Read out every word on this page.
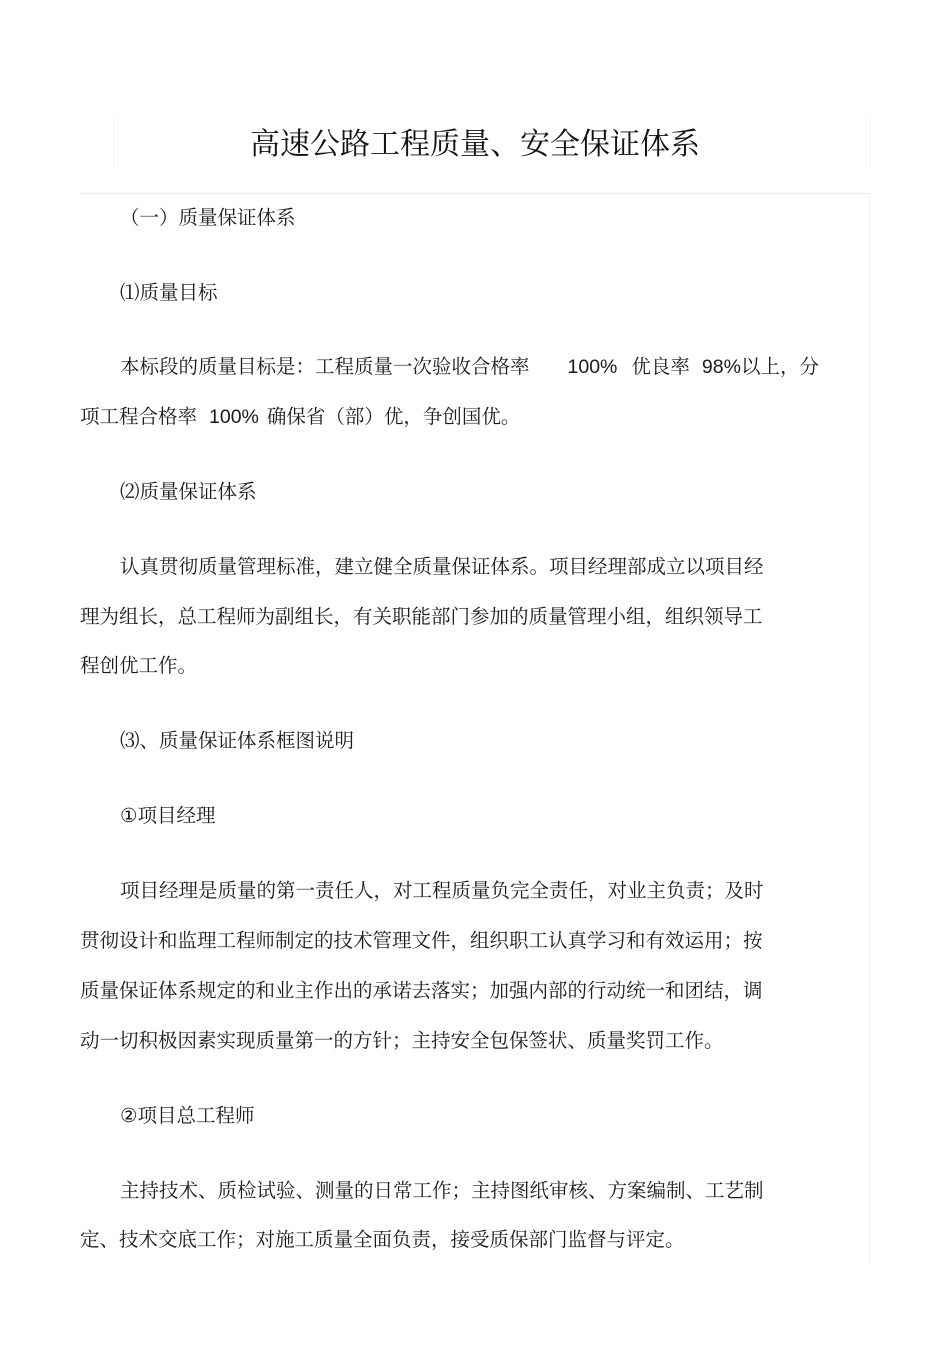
高速公路工程质量、安全保证体系
（一）质量保证体系
⑴质量目标
本标段的质量目标是：工程质量一次验收合格率 100% 优良率 98%以上，分
项工程合格率 100% 确保省（部）优，争创国优。
⑵质量保证体系
认真贯彻质量管理标准，建立健全质量保证体系。项目经理部成立以项目经
理为组长，总工程师为副组长，有关职能部门参加的质量管理小组，组织领导工
程创优工作。
⑶、质量保证体系框图说明
①项目经理
项目经理是质量的第一责任人，对工程质量负完全责任，对业主负责；及时
贯彻设计和监理工程师制定的技术管理文件，组织职工认真学习和有效运用；按
质量保证体系规定的和业主作出的承诺去落实；加强内部的行动统一和团结，调
动一切积极因素实现质量第一的方针；主持安全包保签状、质量奖罚工作。
②项目总工程师
主持技术、质检试验、测量的日常工作；主持图纸审核、方案编制、工艺制
定、技术交底工作；对施工质量全面负责，接受质保部门监督与评定。
